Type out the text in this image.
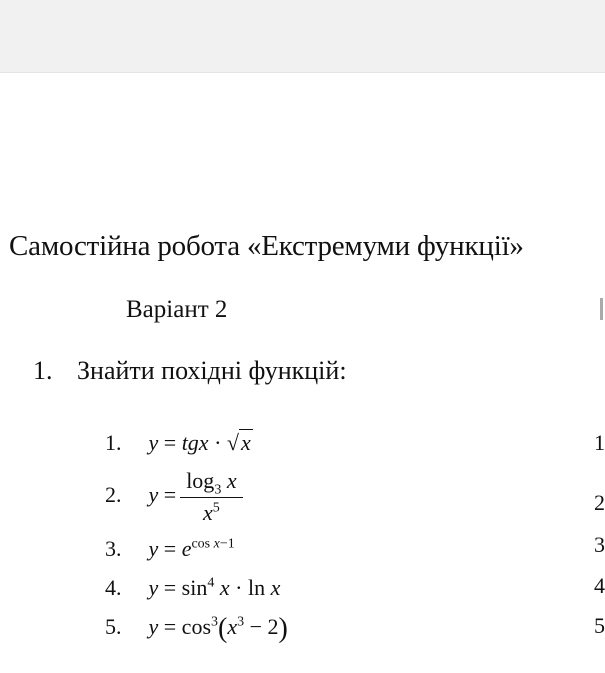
Самостійна робота «Екстремуми функції»
Варіант 2
1. Знайти похідні функцій:
1. y = tgx · √x	1
2. $y = \frac{\log_3 x}{x^5}$	2
3. $y = e^{cos x-1}$	3
4. $y = \sin^4 x \cdot \ln x$	4
5. $y = \cos^3(x^3 - 2)$	5
